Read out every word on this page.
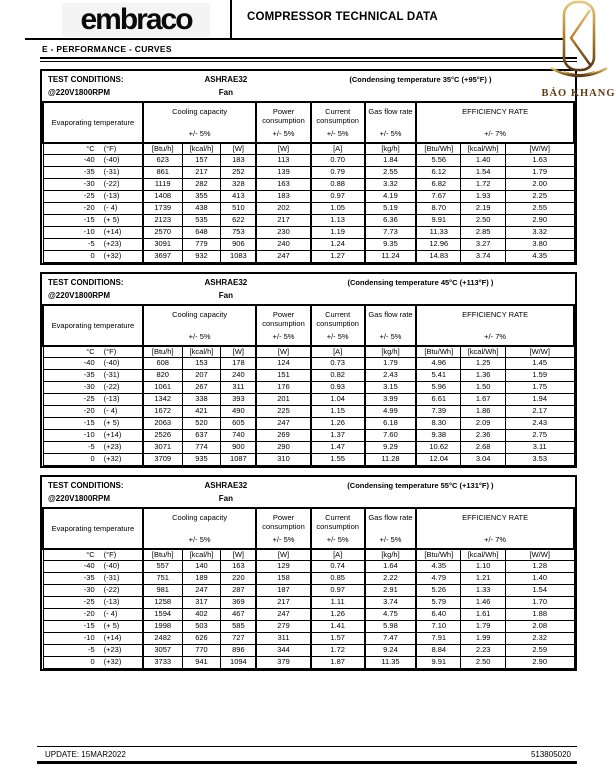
embraco	COMPRESSOR TECHNICAL DATA
BẢO KHANG
E - PERFORMANCE - CURVES
TEST CONDITIONS:	ASHRAE32	(Condensing temperature 35°C (+95°F) )
@220V1800RPM	Fan
Evaporating temperature

Cooling capacity
+/- 5%

Power consumption
+/- 5%

Current consumption
+/- 5%

Gas flow rate
+/- 5%

EFFICIENCY RATE
+/- 7%

°C (°F)	[Btu/h]	[kcal/h]	[W]	[W]	[A]	[kg/h]	[Btu/Wh]	[kcal/Wh]	[W/W]
-40 (-40)	623	157	183	113	0.70	1.84	5.56	1.40	1.63
-35 (-31)	861	217	252	139	0.79	2.55	6.12	1.54	1.79
-30 (-22)	1119	282	328	163	0.88	3.32	6.82	1.72	2.00
-25 (-13)	1408	355	413	183	0.97	4.19	7.67	1.93	2.25
-20 (- 4)	1739	438	510	202	1.05	5.19	8.70	2.19	2.55
-15 (+ 5)	2123	535	622	217	1.13	6.36	9.91	2.50	2.90
-10 (+14)	2570	648	753	230	1.19	7.73	11.33	2.85	3.32
-5 (+23)	3091	779	906	240	1.24	9.35	12.96	3.27	3.80
0 (+32)	3697	932	1083	247	1.27	11.24	14.83	3.74	4.35
TEST CONDITIONS:	ASHRAE32	(Condensing temperature 45°C (+113°F) )
@220V1800RPM	Fan
Evaporating temperature

Cooling capacity
+/- 5%

Power consumption
+/- 5%

Current consumption
+/- 5%

Gas flow rate
+/- 5%

EFFICIENCY RATE
+/- 7%

°C (°F)	[Btu/h]	[kcal/h]	[W]	[W]	[A]	[kg/h]	[Btu/Wh]	[kcal/Wh]	[W/W]
-40 (-40)	608	153	178	124	0.73	1.79	4.96	1.25	1.45
-35 (-31)	820	207	240	151	0.82	2.43	5.41	1.36	1.59
-30 (-22)	1061	267	311	176	0.93	3.15	5.96	1.50	1.75
-25 (-13)	1342	338	393	201	1.04	3.99	6.61	1.67	1.94
-20 (- 4)	1672	421	490	225	1.15	4.99	7.39	1.86	2.17
-15 (+ 5)	2063	520	605	247	1.26	6.18	8.30	2.09	2.43
-10 (+14)	2526	637	740	269	1.37	7.60	9.38	2.36	2.75
-5 (+23)	3071	774	900	290	1.47	9.29	10.62	2.68	3.11
0 (+32)	3709	935	1087	310	1.55	11.28	12.04	3.04	3.53
TEST CONDITIONS:	ASHRAE32	(Condensing temperature 55°C (+131°F) )
@220V1800RPM	Fan
Evaporating temperature

Cooling capacity
+/- 5%

Power consumption
+/- 5%

Current consumption
+/- 5%

Gas flow rate
+/- 5%

EFFICIENCY RATE
+/- 7%

°C (°F)	[Btu/h]	[kcal/h]	[W]	[W]	[A]	[kg/h]	[Btu/Wh]	[kcal/Wh]	[W/W]
-40 (-40)	557	140	163	129	0.74	1.64	4.35	1.10	1.28
-35 (-31)	751	189	220	158	0.85	2.22	4.79	1.21	1.40
-30 (-22)	981	247	287	187	0.97	2.91	5.26	1.33	1.54
-25 (-13)	1258	317	369	217	1.11	3.74	5.79	1.46	1.70
-20 (- 4)	1594	402	467	247	1.26	4.75	6.40	1.61	1.88
-15 (+ 5)	1998	503	585	279	1.41	5.98	7.10	1.79	2.08
-10 (+14)	2482	626	727	311	1.57	7.47	7.91	1.99	2.32
-5 (+23)	3057	770	896	344	1.72	9.24	8.84	2.23	2.59
0 (+32)	3733	941	1094	379	1.87	11.35	9.91	2.50	2.90
UPDATE: 15MAR2022	513805020
